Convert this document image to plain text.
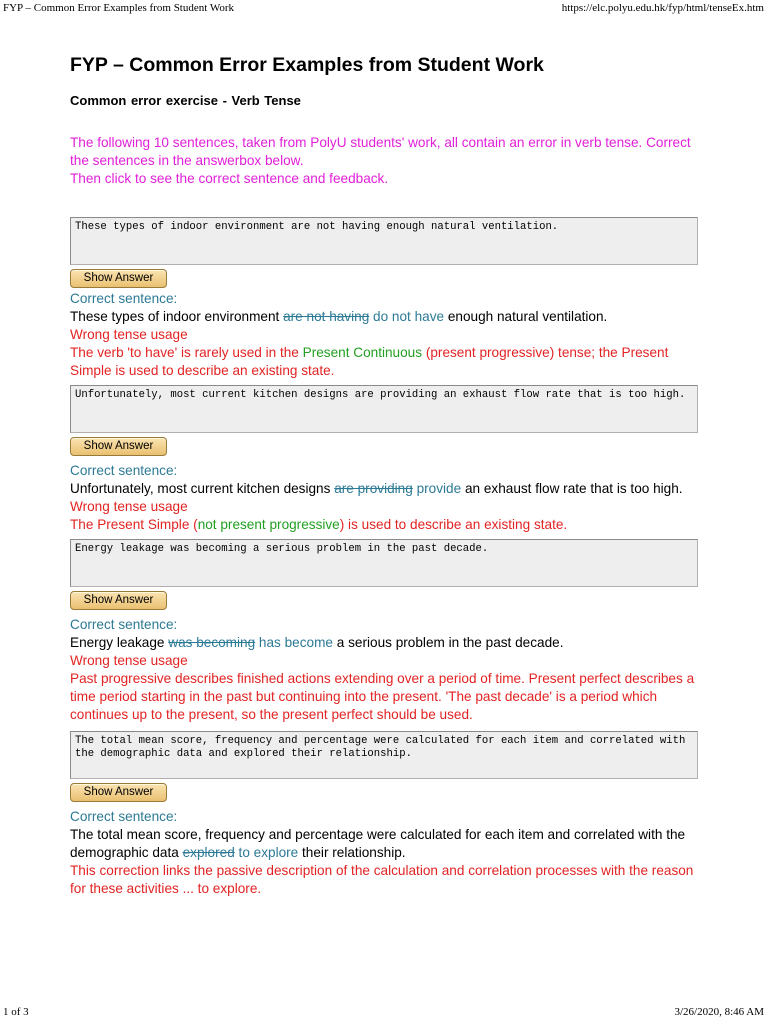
FYP – Common Error Examples from Student Work	https://elc.polyu.edu.hk/fyp/html/tenseEx.htm
FYP – Common Error Examples from Student Work
Common error exercise - Verb Tense
The following 10 sentences, taken from PolyU students' work, all contain an error in verb tense. Correct the sentences in the answerbox below.
Then click to see the correct sentence and feedback.
These types of indoor environment are not having enough natural ventilation.
Show Answer
Correct sentence:
These types of indoor environment are not having do not have enough natural ventilation.
Wrong tense usage
The verb 'to have' is rarely used in the Present Continuous (present progressive) tense; the Present Simple is used to describe an existing state.
Unfortunately, most current kitchen designs are providing an exhaust flow rate that is too high.
Show Answer
Correct sentence:
Unfortunately, most current kitchen designs are providing provide an exhaust flow rate that is too high.
Wrong tense usage
The Present Simple (not present progressive) is used to describe an existing state.
Energy leakage was becoming a serious problem in the past decade.
Show Answer
Correct sentence:
Energy leakage was becoming has become a serious problem in the past decade.
Wrong tense usage
Past progressive describes finished actions extending over a period of time. Present perfect describes a time period starting in the past but continuing into the present. 'The past decade' is a period which continues up to the present, so the present perfect should be used.
The total mean score, frequency and percentage were calculated for each item and correlated with the demographic data and explored their relationship.
Show Answer
Correct sentence:
The total mean score, frequency and percentage were calculated for each item and correlated with the demographic data explored to explore their relationship.
This correction links the passive description of the calculation and correlation processes with the reason for these activities ... to explore.
1 of 3	3/26/2020, 8:46 AM
